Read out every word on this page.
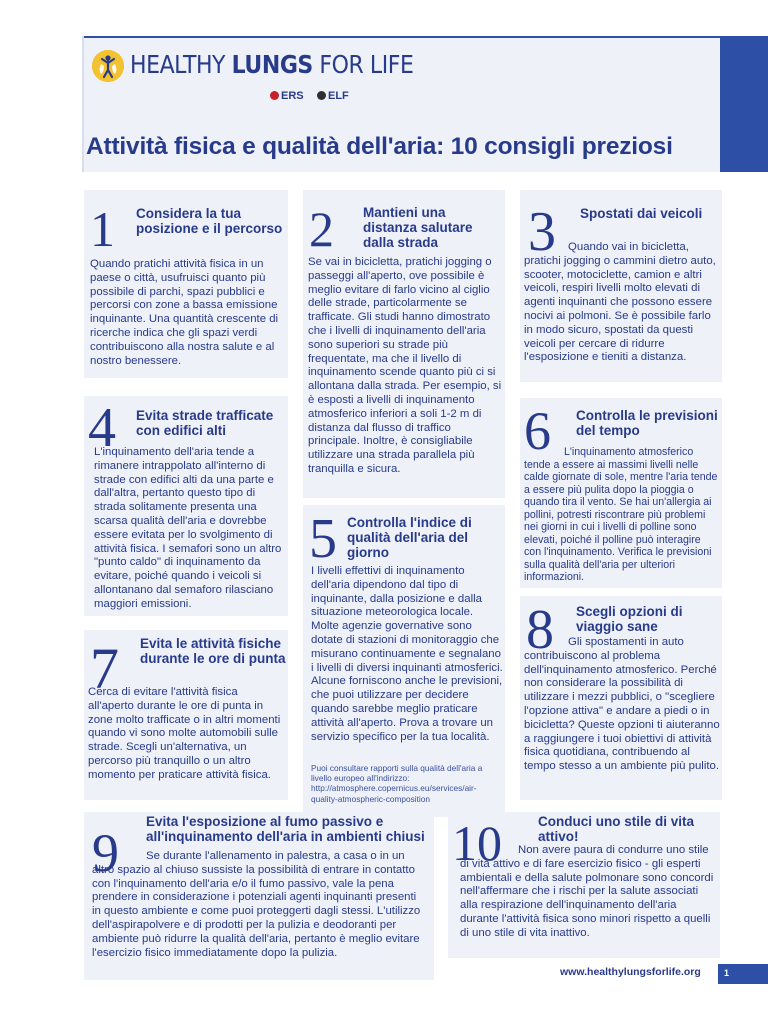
HEALTHY LUNGS FOR LIFE
ERS	ELF
Attività fisica e qualità dell'aria: 10 consigli preziosi
1 Considera la tua posizione e il percorso
Quando pratichi attività fisica in un paese o città, usufruisci quanto più possibile di parchi, spazi pubblici e percorsi con zone a bassa emissione inquinante. Una quantità crescente di ricerche indica che gli spazi verdi contribuiscono alla nostra salute e al nostro benessere.
2 Mantieni una distanza salutare dalla strada
Se vai in bicicletta, pratichi jogging o passeggi all'aperto, ove possibile è meglio evitare di farlo vicino al ciglio delle strade, particolarmente se trafficate. Gli studi hanno dimostrato che i livelli di inquinamento dell'aria sono superiori su strade più frequentate, ma che il livello di inquinamento scende quanto più ci si allontana dalla strada. Per esempio, si è esposti a livelli di inquinamento atmosferico inferiori a soli 1-2 m di distanza dal flusso di traffico principale. Inoltre, è consigliabile utilizzare una strada parallela più tranquilla e sicura.
3 Spostati dai veicoli
Quando vai in bicicletta, pratichi jogging o cammini dietro auto, scooter, motociclette, camion e altri veicoli, respiri livelli molto elevati di agenti inquinanti che possono essere nocivi ai polmoni. Se è possibile farlo in modo sicuro, spostati da questi veicoli per cercare di ridurre l'esposizione e tieniti a distanza.
4 Evita strade trafficate con edifici alti
L'inquinamento dell'aria tende a rimanere intrappolato all'interno di strade con edifici alti da una parte e dall'altra, pertanto questo tipo di strada solitamente presenta una scarsa qualità dell'aria e dovrebbe essere evitata per lo svolgimento di attività fisica. I semafori sono un altro "punto caldo" di inquinamento da evitare, poiché quando i veicoli si allontanano dal semaforo rilasciano maggiori emissioni.
6 Controlla le previsioni del tempo
L'inquinamento atmosferico tende a essere ai massimi livelli nelle calde giornate di sole, mentre l'aria tende a essere più pulita dopo la pioggia o quando tira il vento. Se hai un'allergia ai pollini, potresti riscontrare più problemi nei giorni in cui i livelli di polline sono elevati, poiché il polline può interagire con l'inquinamento. Verifica le previsioni sulla qualità dell'aria per ulteriori informazioni.
5 Controlla l'indice di qualità dell'aria del giorno
I livelli effettivi di inquinamento dell'aria dipendono dal tipo di inquinante, dalla posizione e dalla situazione meteorologica locale. Molte agenzie governative sono dotate di stazioni di monitoraggio che misurano continuamente e segnalano i livelli di diversi inquinanti atmosferici. Alcune forniscono anche le previsioni, che puoi utilizzare per decidere quando sarebbe meglio praticare attività all'aperto. Prova a trovare un servizio specifico per la tua località.
Puoi consultare rapporti sulla qualità dell'aria a livello europeo all'indirizzo: http://atmosphere.copernicus.eu/services/air-quality-atmospheric-composition
8 Scegli opzioni di viaggio sane
Gli spostamenti in auto contribuiscono al problema dell'inquinamento atmosferico. Perché non considerare la possibilità di utilizzare i mezzi pubblici, o "scegliere l'opzione attiva" e andare a piedi o in bicicletta? Queste opzioni ti aiuteranno a raggiungere i tuoi obiettivi di attività fisica quotidiana, contribuendo al tempo stesso a un ambiente più pulito.
7 Evita le attività fisiche durante le ore di punta
Cerca di evitare l'attività fisica all'aperto durante le ore di punta in zone molto trafficate o in altri momenti quando vi sono molte automobili sulle strade. Scegli un'alternativa, un percorso più tranquillo o un altro momento per praticare attività fisica.
9
Evita l'esposizione al fumo passivo e all'inquinamento dell'aria in ambienti chiusi
Se durante l'allenamento in palestra, a casa o in un altro spazio al chiuso sussiste la possibilità di entrare in contatto con l'inquinamento dell'aria e/o il fumo passivo, vale la pena prendere in considerazione i potenziali agenti inquinanti presenti in questo ambiente e come puoi proteggerti dagli stessi. L'utilizzo dell'aspirapolvere e di prodotti per la pulizia e deodoranti per ambiente può ridurre la qualità dell'aria, pertanto è meglio evitare l'esercizio fisico immediatamente dopo la pulizia.
10	Conduci uno stile di vita attivo!
Non avere paura di condurre uno stile di vita attivo e di fare esercizio fisico - gli esperti ambientali e della salute polmonare sono concordi nell'affermare che i rischi per la salute associati alla respirazione dell'inquinamento dell'aria durante l'attività fisica sono minori rispetto a quelli di uno stile di vita inattivo.
www.healthylungsforlife.org	1
